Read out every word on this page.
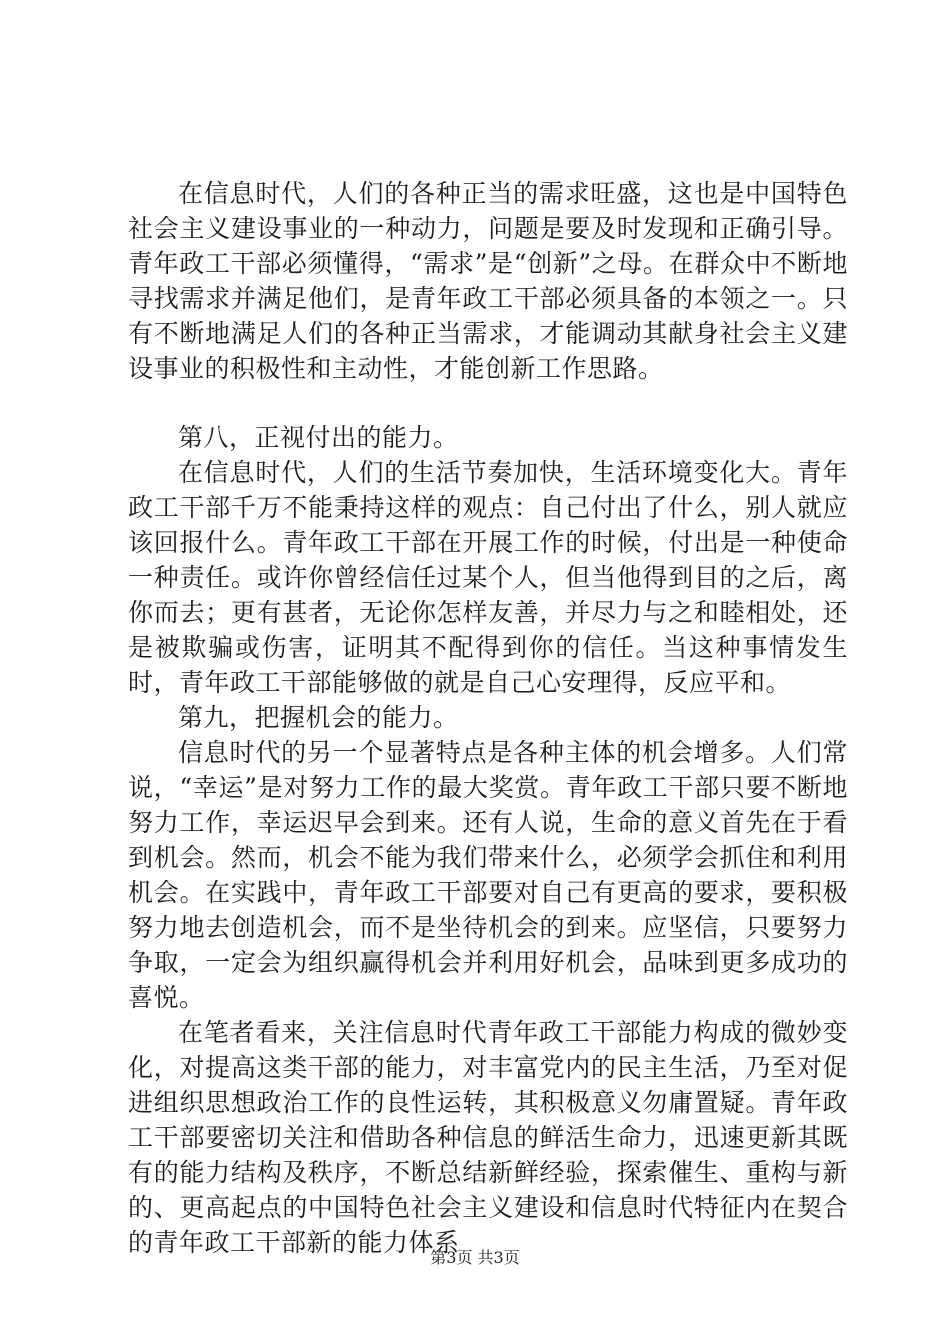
在信息时代，人们的各种正当的需求旺盛，这也是中国特色社会主义建设事业的一种动力，问题是要及时发现和正确引导。青年政工干部必须懂得，“需求”是“创新”之母。在群众中不断地寻找需求并满足他们，是青年政工干部必须具备的本领之一。只有不断地满足人们的各种正当需求，才能调动其献身社会主义建设事业的积极性和主动性，才能创新工作思路。

第八，正视付出的能力。

在信息时代，人们的生活节奏加快，生活环境变化大。青年政工干部千万不能秉持这样的观点：自己付出了什么，别人就应该回报什么。青年政工干部在开展工作的时候，付出是一种使命一种责任。或许你曾经信任过某个人，但当他得到目的之后，离你而去；更有甚者，无论你怎样友善，并尽力与之和睦相处，还是被欺骗或伤害，证明其不配得到你的信任。当这种事情发生时，青年政工干部能够做的就是自己心安理得，反应平和。

第九，把握机会的能力。

信息时代的另一个显著特点是各种主体的机会增多。人们常说，“幸运”是对努力工作的最大奖赏。青年政工干部只要不断地努力工作，幸运迟早会到来。还有人说，生命的意义首先在于看到机会。然而，机会不能为我们带来什么，必须学会抓住和利用机会。在实践中，青年政工干部要对自己有更高的要求，要积极努力地去创造机会，而不是坐待机会的到来。应坚信，只要努力争取，一定会为组织赢得机会并利用好机会，品味到更多成功的喜悦。

在笔者看来，关注信息时代青年政工干部能力构成的微妙变化，对提高这类干部的能力，对丰富党内的民主生活，乃至对促进组织思想政治工作的良性运转，其积极意义勿庸置疑。青年政工干部要密切关注和借助各种信息的鲜活生命力，迅速更新其既有的能力结构及秩序，不断总结新鲜经验，探索催生、重构与新的、更高起点的中国特色社会主义建设和信息时代特征内在契合的青年政工干部新的能力体系

第3页 共3页
